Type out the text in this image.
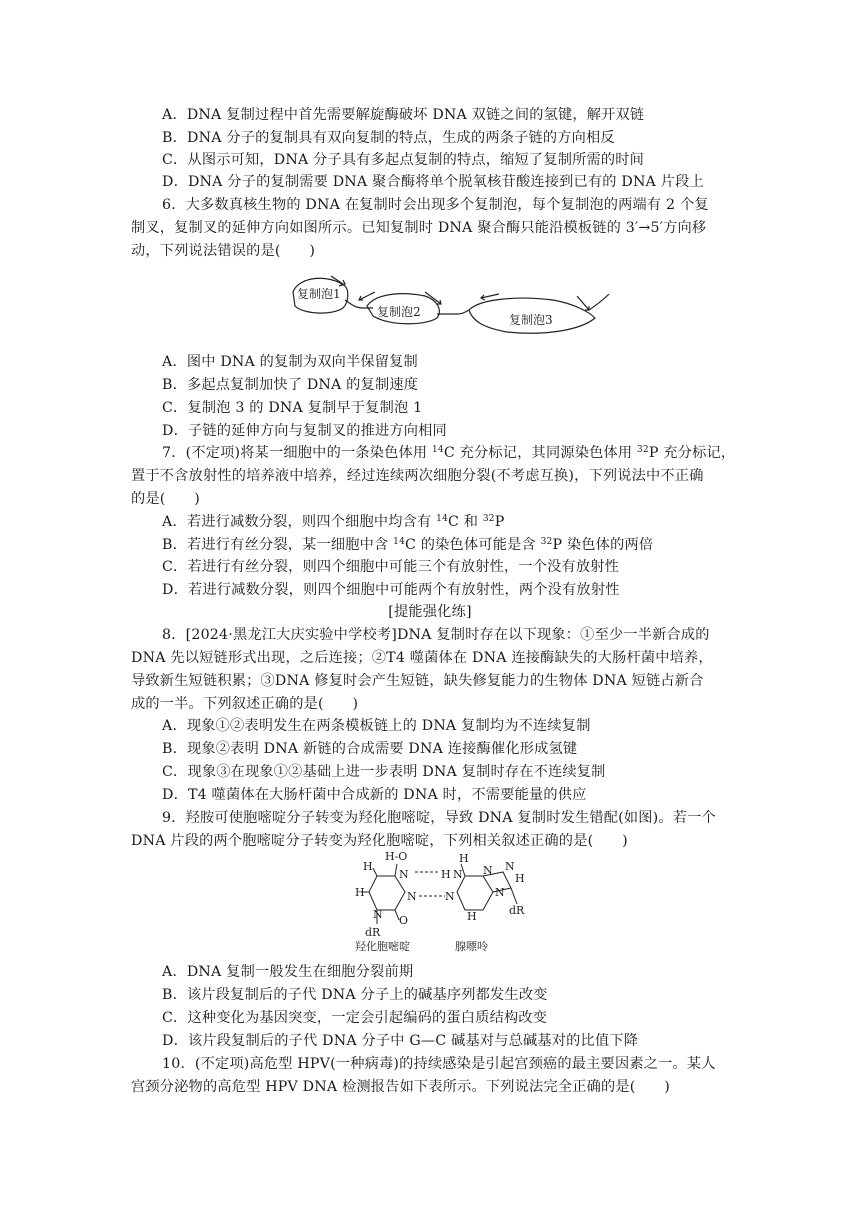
A．DNA 复制过程中首先需要解旋酶破坏 DNA 双链之间的氢键，解开双链
B．DNA 分子的复制具有双向复制的特点，生成的两条子链的方向相反
C．从图示可知，DNA 分子具有多起点复制的特点，缩短了复制所需的时间
D．DNA 分子的复制需要 DNA 聚合酶将单个脱氧核苷酸连接到已有的 DNA 片段上
6．大多数真核生物的 DNA 在复制时会出现多个复制泡，每个复制泡的两端有 2 个复
制叉，复制叉的延伸方向如图所示。已知复制时 DNA 聚合酶只能沿模板链的 3′→5′方向移
动，下列说法错误的是(　　)
复制泡1
复制泡2
复制泡3
A．图中 DNA 的复制为双向半保留复制
B．多起点复制加快了 DNA 的复制速度
C．复制泡 3 的 DNA 复制早于复制泡 1
D．子链的延伸方向与复制叉的推进方向相同
7．(不定项)将某一细胞中的一条染色体用 $^{14}$C 充分标记，其同源染色体用 $^{32}$P 充分标记，
置于不含放射性的培养液中培养，经过连续两次细胞分裂(不考虑互换)，下列说法中不正确
的是(　　)
A．若进行减数分裂，则四个细胞中均含有 $^{14}$C 和 $^{32}$P
B．若进行有丝分裂，某一细胞中含 $^{14}$C 的染色体可能是含 $^{32}$P 染色体的两倍
C．若进行有丝分裂，则四个细胞中可能三个有放射性，一个没有放射性
D．若进行减数分裂，则四个细胞中可能两个有放射性，两个没有放射性
[提能强化练]
8．[2024·黑龙江大庆实验中学校考]DNA 复制时存在以下现象：①至少一半新合成的
DNA 先以短链形式出现，之后连接；②T4 噬菌体在 DNA 连接酶缺失的大肠杆菌中培养，
导致新生短链积累；③DNA 修复时会产生短链，缺失修复能力的生物体 DNA 短链占新合
成的一半。下列叙述正确的是(　　)
A．现象①②表明发生在两条模板链上的 DNA 复制均为不连续复制
B．现象②表明 DNA 新链的合成需要 DNA 连接酶催化形成氢键
C．现象③在现象①②基础上进一步表明 DNA 复制时存在不连续复制
D．T4 噬菌体在大肠杆菌中合成新的 DNA 时，不需要能量的供应
9．羟胺可使胞嘧啶分子转变为羟化胞嘧啶，导致 DNA 复制时发生错配(如图)。若一个
DNA 片段的两个胞嘧啶分子转变为羟化胞嘧啶，下列相关叙述正确的是(　　)
H-O
H
N
H	N
N O
H N
N
H
N
N
N
H
H
dR
dR
羟化胞嘧啶	腺嘌呤
A．DNA 复制一般发生在细胞分裂前期
B．该片段复制后的子代 DNA 分子上的碱基序列都发生改变
C．这种变化为基因突变，一定会引起编码的蛋白质结构改变
D．该片段复制后的子代 DNA 分子中 G—C 碱基对与总碱基对的比值下降
10．(不定项)高危型 HPV(一种病毒)的持续感染是引起宫颈癌的最主要因素之一。某人
宫颈分泌物的高危型 HPV DNA 检测报告如下表所示。下列说法完全正确的是(　　)
